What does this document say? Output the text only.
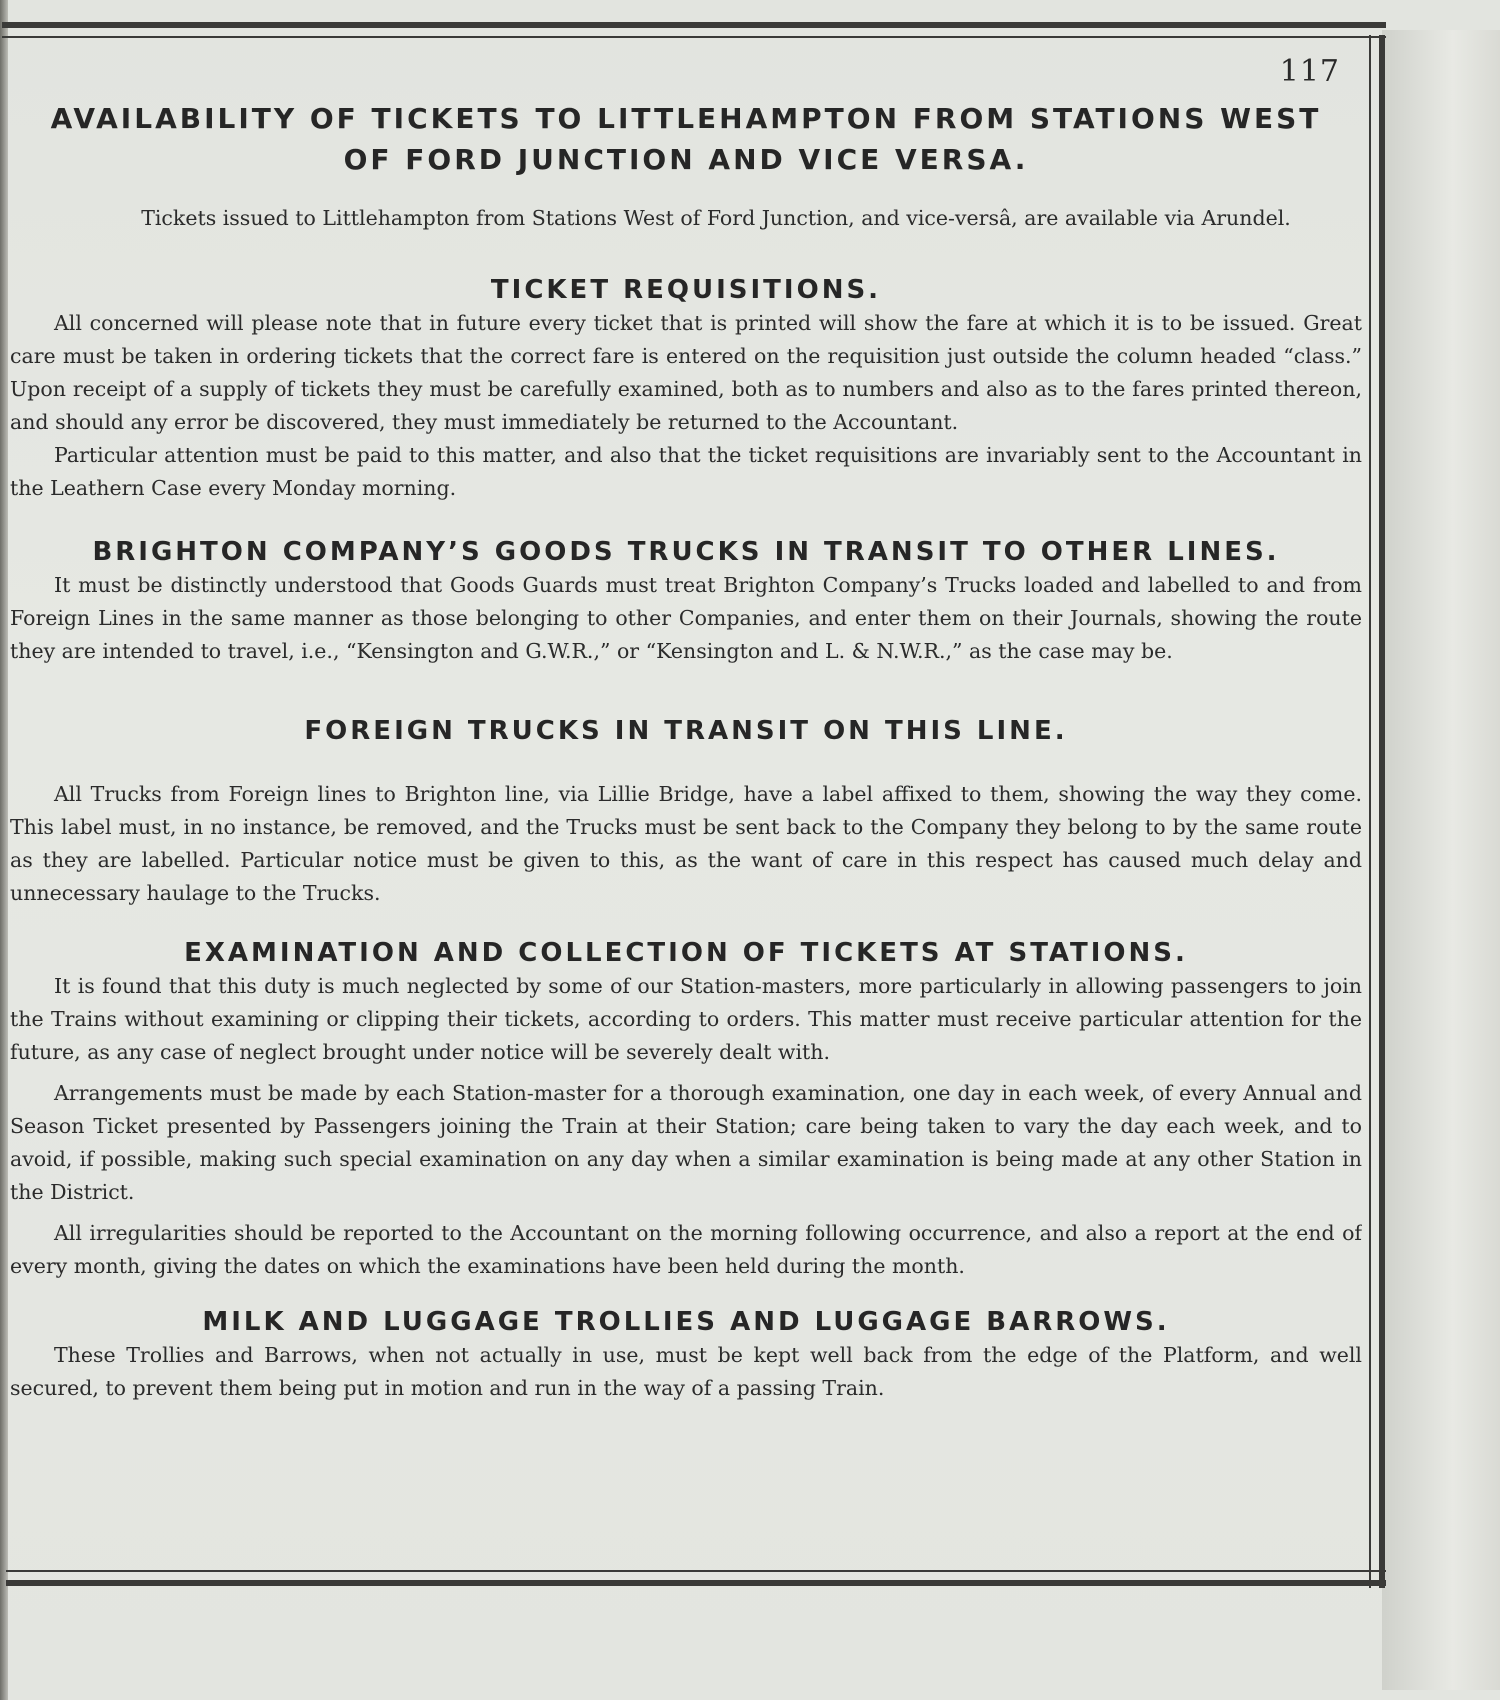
117
AVAILABILITY OF TICKETS TO LITTLEHAMPTON FROM STATIONS WEST OF FORD JUNCTION AND VICE VERSA.

Tickets issued to Littlehampton from Stations West of Ford Junction, and vice-versâ, are available via Arundel.

TICKET REQUISITIONS.

All concerned will please note that in future every ticket that is printed will show the fare at which it is to be issued. Great care must be taken in ordering tickets that the correct fare is entered on the requisition just outside the column headed “class.” Upon receipt of a supply of tickets they must be carefully examined, both as to numbers and also as to the fares printed thereon, and should any error be discovered, they must immediately be returned to the Accountant.

Particular attention must be paid to this matter, and also that the ticket requisitions are invariably sent to the Accountant in the Leathern Case every Monday morning.

BRIGHTON COMPANY’S GOODS TRUCKS IN TRANSIT TO OTHER LINES.

It must be distinctly understood that Goods Guards must treat Brighton Company’s Trucks loaded and labelled to and from Foreign Lines in the same manner as those belonging to other Companies, and enter them on their Journals, showing the route they are intended to travel, i.e., “Kensington and G.W.R.,” or “Kensington and L. & N.W.R.,” as the case may be.

FOREIGN TRUCKS IN TRANSIT ON THIS LINE.

All Trucks from Foreign lines to Brighton line, via Lillie Bridge, have a label affixed to them, showing the way they come. This label must, in no instance, be removed, and the Trucks must be sent back to the Company they belong to by the same route as they are labelled. Particular notice must be given to this, as the want of care in this respect has caused much delay and unnecessary haulage to the Trucks.

EXAMINATION AND COLLECTION OF TICKETS AT STATIONS.

It is found that this duty is much neglected by some of our Station-masters, more particularly in allowing passengers to join the Trains without examining or clipping their tickets, according to orders. This matter must receive particular attention for the future, as any case of neglect brought under notice will be severely dealt with.

Arrangements must be made by each Station-master for a thorough examination, one day in each week, of every Annual and Season Ticket presented by Passengers joining the Train at their Station; care being taken to vary the day each week, and to avoid, if possible, making such special examination on any day when a similar examination is being made at any other Station in the District.

All irregularities should be reported to the Accountant on the morning following occurrence, and also a report at the end of every month, giving the dates on which the examinations have been held during the month.

MILK AND LUGGAGE TROLLIES AND LUGGAGE BARROWS.

These Trollies and Barrows, when not actually in use, must be kept well back from the edge of the Platform, and well secured, to prevent them being put in motion and run in the way of a passing Train.
